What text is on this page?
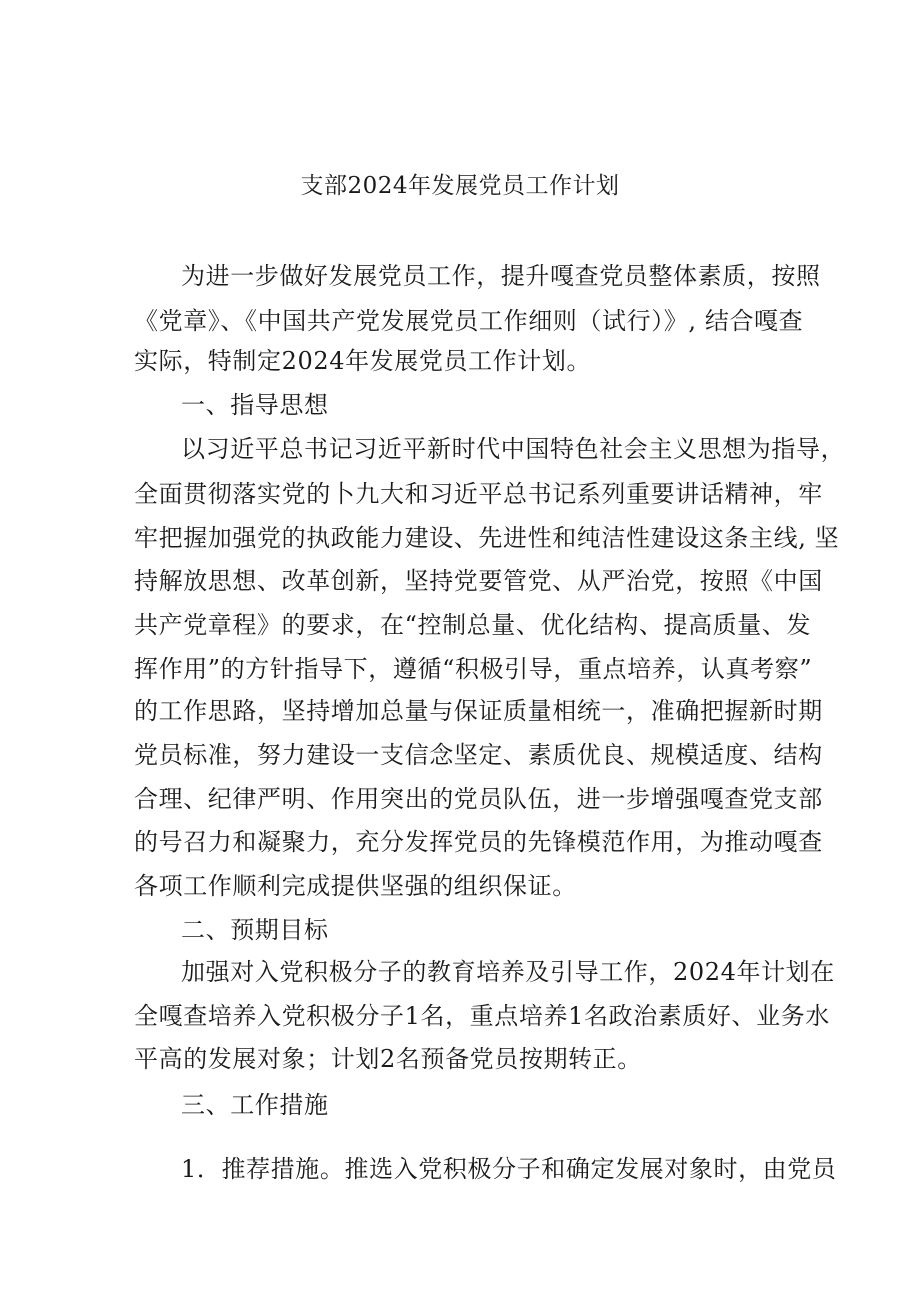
支部2024年发展党员工作计划
为进一步做好发展党员工作，提升嘎查党员整体素质，按照
《党章》、《中国共产党发展党员工作细则（试行）》, 结合嘎查
实际，特制定2024年发展党员工作计划。
一、指导思想
以习近平总书记习近平新时代中国特色社会主义思想为指导，
全面贯彻落实党的卜九大和习近平总书记系列重要讲话精神，牢
牢把握加强党的执政能力建设、先进性和纯洁性建设这条主线, 坚
持解放思想、改革创新，坚持党要管党、从严治党，按照《中国
共产党章程》的要求，在“控制总量、优化结构、提高质量、发
挥作用”的方针指导下，遵循“积极引导，重点培养，认真考察”
的工作思路，坚持增加总量与保证质量相统一，准确把握新时期
党员标准，努力建设一支信念坚定、素质优良、规模适度、结构
合理、纪律严明、作用突出的党员队伍，进一步增强嘎查党支部
的号召力和凝聚力，充分发挥党员的先锋模范作用，为推动嘎查
各项工作顺利完成提供坚强的组织保证。
二、预期目标
加强对入党积极分子的教育培养及引导工作，2024年计划在
全嘎查培养入党积极分子1名，重点培养1名政治素质好、业务水
平高的发展对象；计划2名预备党员按期转正。
三、工作措施
1．推荐措施。推选入党积极分子和确定发展对象时，由党员
